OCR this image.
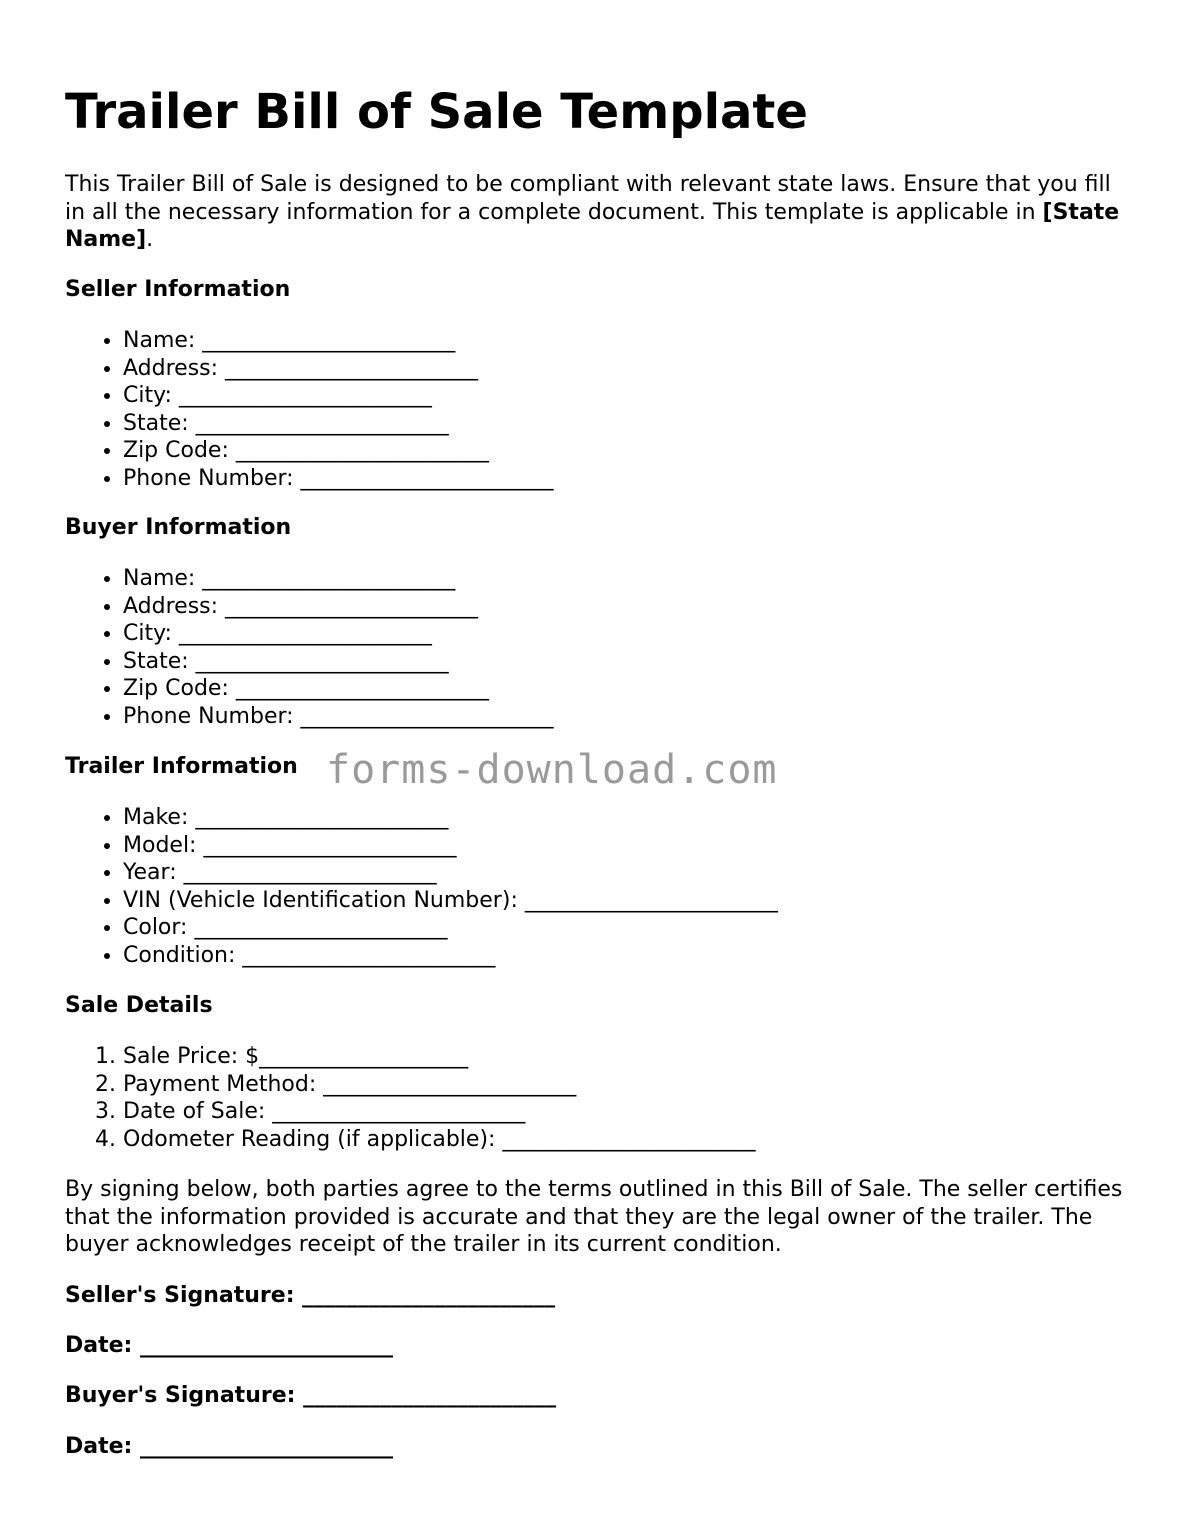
Trailer Bill of Sale Template

This Trailer Bill of Sale is designed to be compliant with relevant state laws. Ensure that you fill in all the necessary information for a complete document. This template is applicable in [State Name].

Seller Information

• Name: _______________________
• Address: _______________________
• City: _______________________
• State: _______________________
• Zip Code: _______________________
• Phone Number: _______________________

Buyer Information

• Name: _______________________
• Address: _______________________
• City: _______________________
• State: _______________________
• Zip Code: _______________________
• Phone Number: _______________________

Trailer Information

• Make: _______________________
• Model: _______________________
• Year: _______________________
• VIN (Vehicle Identification Number): _______________________
• Color: _______________________
• Condition: _______________________

Sale Details

1. Sale Price: $___________________
2. Payment Method: _______________________
3. Date of Sale: _______________________
4. Odometer Reading (if applicable): _______________________

By signing below, both parties agree to the terms outlined in this Bill of Sale. The seller certifies that the information provided is accurate and that they are the legal owner of the trailer. The buyer acknowledges receipt of the trailer in its current condition.

Seller's Signature: _______________________

Date: _______________________

Buyer's Signature: _______________________

Date: _______________________

forms-download.com
